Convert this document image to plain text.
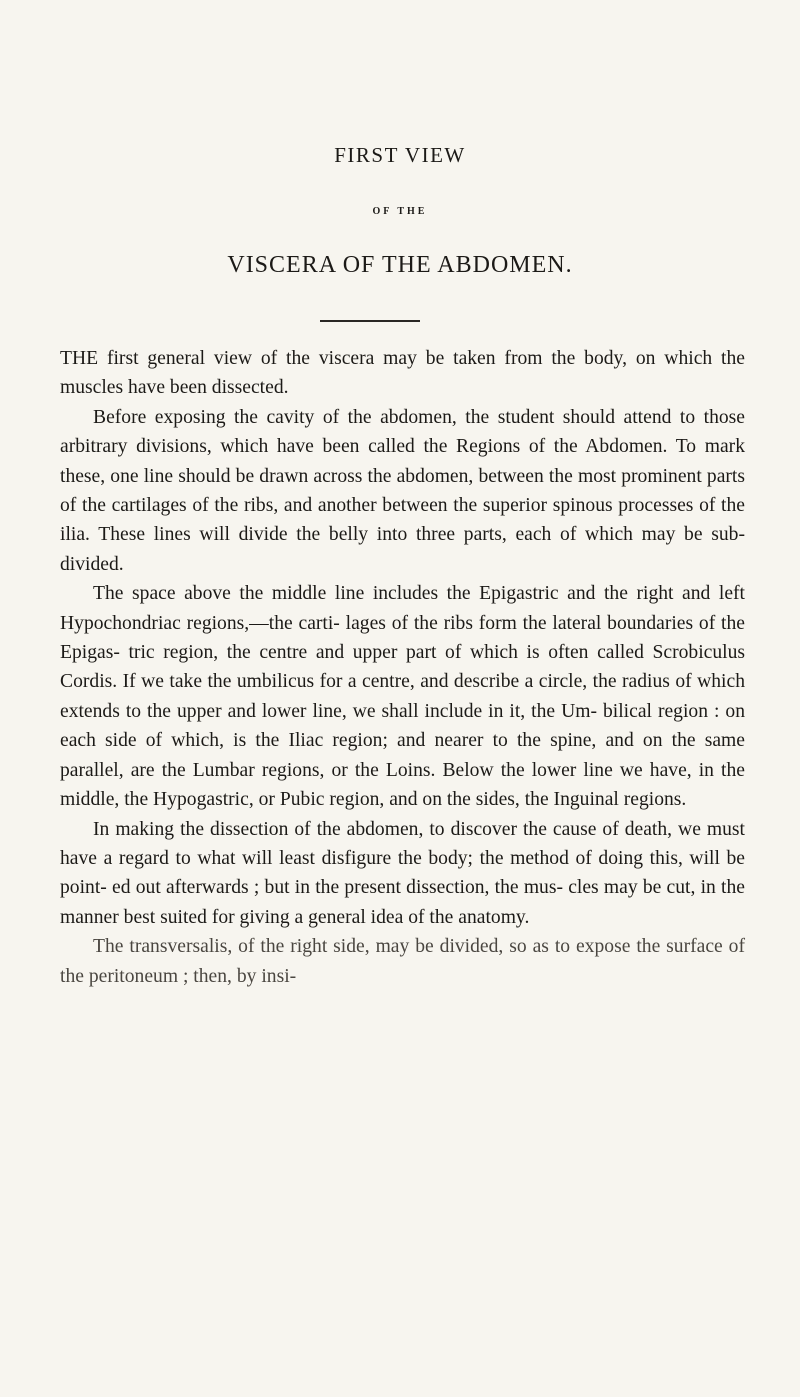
FIRST VIEW
OF THE
VISCERA OF THE ABDOMEN.

THE first general view of the viscera may be taken from the body, on which the muscles have been dissected.

Before exposing the cavity of the abdomen, the student should attend to those arbitrary divisions, which have been called the Regions of the Abdomen. To mark these, one line should be drawn across the abdomen, between the most prominent parts of the cartilages of the ribs, and another between the superior spinous processes of the ilia. These lines will divide the belly into three parts, each of which may be sub-divided.

The space above the middle line includes the Epigastric and the right and left Hypochondriac regions,—the carti- lages of the ribs form the lateral boundaries of the Epigas- tric region, the centre and upper part of which is often called Scrobiculus Cordis. If we take the umbilicus for a centre, and describe a circle, the radius of which extends to the upper and lower line, we shall include in it, the Um- bilical region : on each side of which, is the Iliac region; and nearer to the spine, and on the same parallel, are the Lumbar regions, or the Loins. Below the lower line we have, in the middle, the Hypogastric, or Pubic region, and on the sides, the Inguinal regions.

In making the dissection of the abdomen, to discover the cause of death, we must have a regard to what will least disfigure the body; the method of doing this, will be point- ed out afterwards ; but in the present dissection, the mus- cles may be cut, in the manner best suited for giving a general idea of the anatomy.

The transversalis, of the right side, may be divided, so as to expose the surface of the peritoneum ; then, by insi-
